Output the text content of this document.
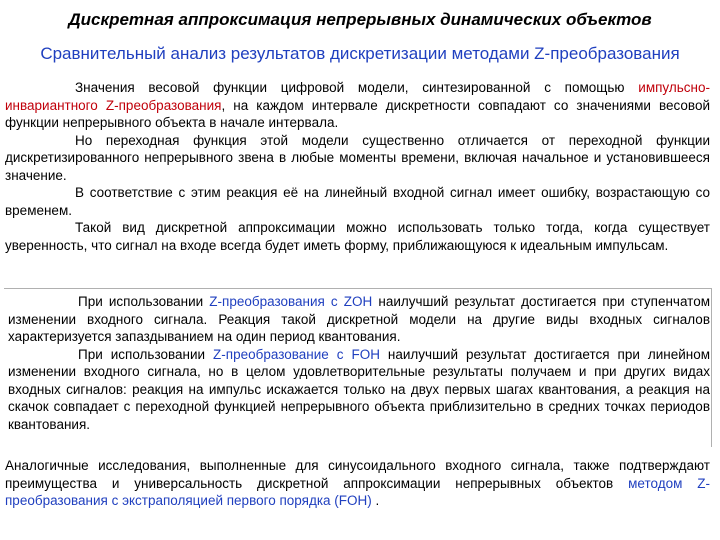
Дискретная аппроксимация непрерывных динамических объектов
Сравнительный анализ результатов дискретизации методами Z-преобразования

Значения весовой функции цифровой модели, синтезированной с помощью импульсно-инвариантного Z-преобразования, на каждом интервале дискретности совпадают со значениями весовой функции непрерывного объекта в начале интервала.

Но переходная функция этой модели существенно отличается от переходной функции дискретизированного непрерывного звена в любые моменты времени, включая начальное и установившееся значение.

В соответствие с этим реакция её на линейный входной сигнал имеет ошибку, возрастающую со временем.

Такой вид дискретной аппроксимации можно использовать только тогда, когда существует уверенность, что сигнал на входе всегда будет иметь форму, приближающуюся к идеальным импульсам.

При использовании Z-преобразования с ZOH наилучший результат достигается при ступенчатом изменении входного сигнала. Реакция такой дискретной модели на другие виды входных сигналов характеризуется запаздыванием на один период квантования.

При использовании Z-преобразование с FOH наилучший результат достигается при линейном изменении входного сигнала, но в целом удовлетворительные результаты получаем и при других видах входных сигналов: реакция на импульс искажается только на двух первых шагах квантования, а реакция на скачок совпадает с переходной функцией непрерывного объекта приблизительно в средних точках периодов квантования.

Аналогичные исследования, выполненные для синусоидального входного сигнала, также подтверждают преимущества и универсальность дискретной аппроксимации непрерывных объектов методом Z-преобразования с экстраполяцией первого порядка (FOH) .
